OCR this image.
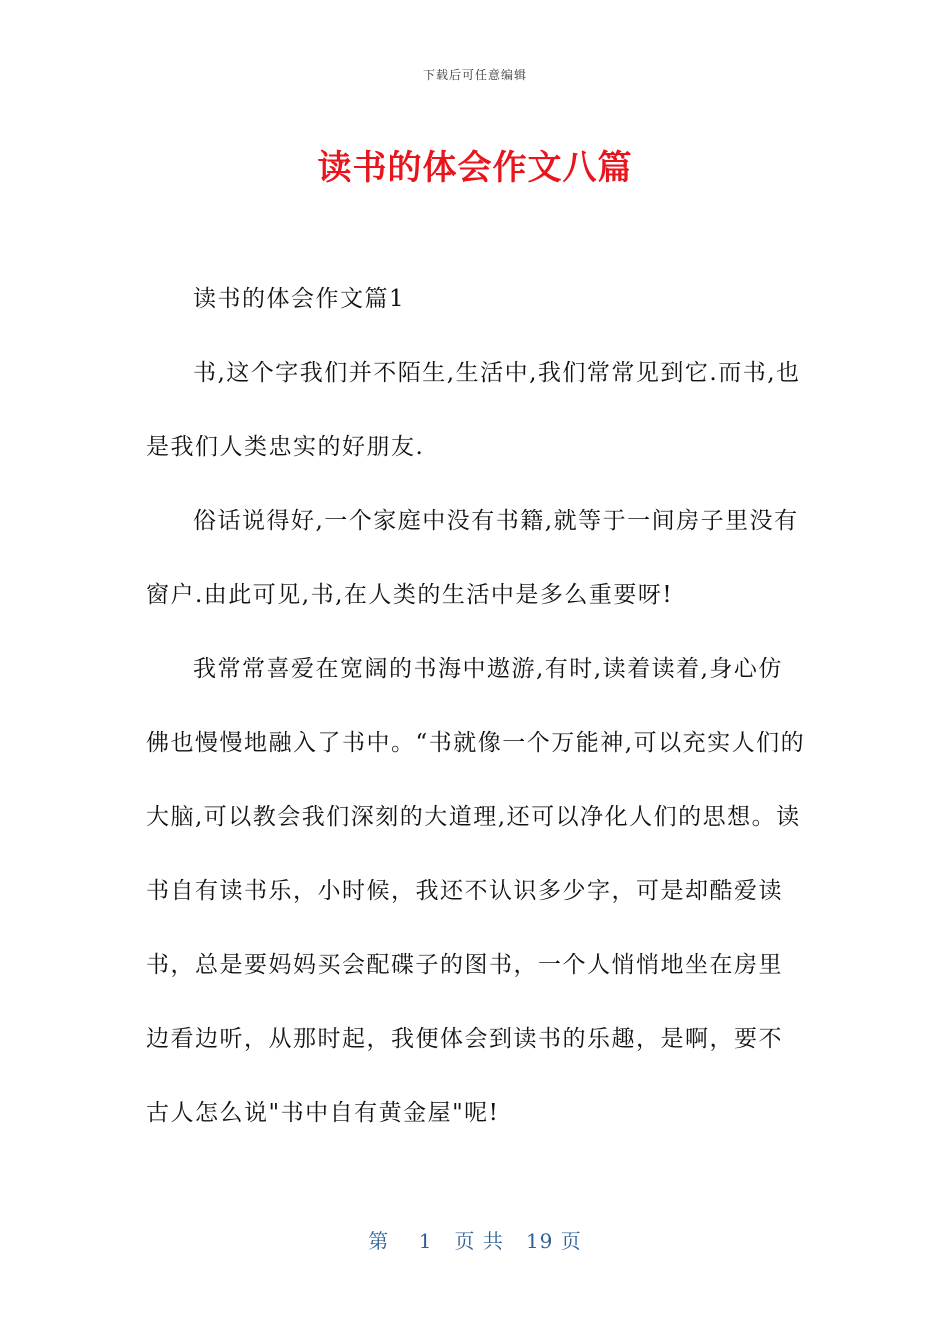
下载后可任意编辑
读书的体会作文八篇

读书的体会作文篇1

书,这个字我们并不陌生,生活中,我们常常见到它.而书,也是我们人类忠实的好朋友.

俗话说得好,一个家庭中没有书籍,就等于一间房子里没有窗户.由此可见,书,在人类的生活中是多么重要呀!

我常常喜爱在宽阔的书海中遨游,有时,读着读着,身心仿佛也慢慢地融入了书中。“书就像一个万能神,可以充实人们的大脑,可以教会我们深刻的大道理,还可以净化人们的思想。读书自有读书乐，小时候，我还不认识多少字，可是却酷爱读书，总是要妈妈买会配碟子的图书，一个人悄悄地坐在房里边看边听，从那时起，我便体会到读书的乐趣，是啊，要不古人怎么说"书中自有黄金屋"呢!

第 1 页 共 19 页
